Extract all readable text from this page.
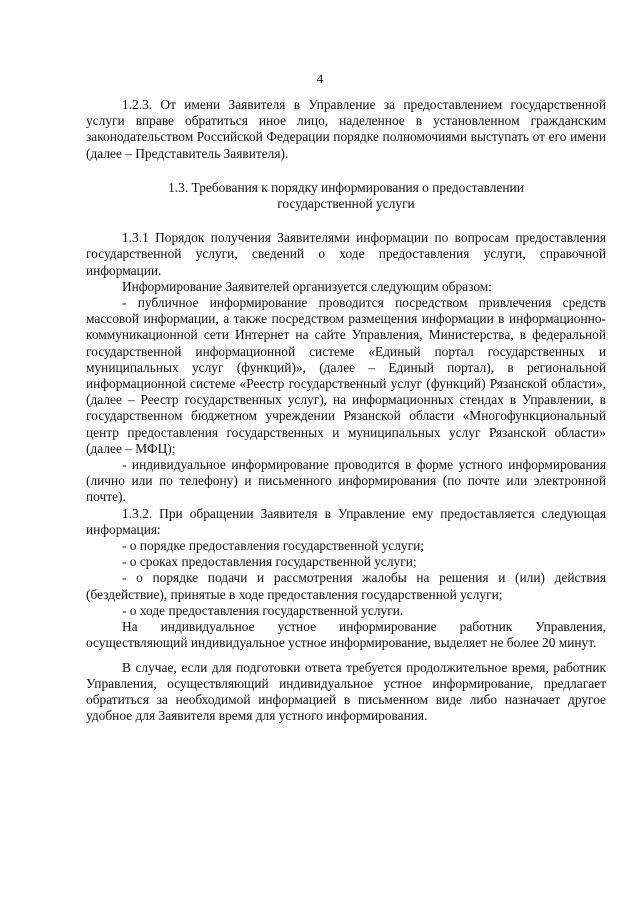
4

1.2.3. От имени Заявителя в Управление за предоставлением государственной услуги вправе обратиться иное лицо, наделенное в установленном гражданским законодательством Российской Федерации порядке полномочиями выступать от его имени (далее – Представитель Заявителя).

1.3. Требования к порядку информирования о предоставлении государственной услуги

1.3.1 Порядок получения Заявителями информации по вопросам предоставления государственной услуги, сведений о ходе предоставления услуги, справочной информации.

Информирование Заявителей организуется следующим образом:

- публичное информирование проводится посредством привлечения средств массовой информации, а также посредством размещения информации в информационно-коммуникационной сети Интернет на сайте Управления, Министерства, в федеральной государственной информационной системе «Единый портал государственных и муниципальных услуг (функций)», (далее – Единый портал), в региональной информационной системе «Реестр государственный услуг (функций) Рязанской области», (далее – Реестр государственных услуг), на информационных стендах в Управлении, в государственном бюджетном учреждении Рязанской области «Многофункциональный центр предоставления государственных и муниципальных услуг Рязанской области» (далее – МФЦ);

- индивидуальное информирование проводится в форме устного информирования (лично или по телефону) и письменного информирования (по почте или электронной почте).

1.3.2. При обращении Заявителя в Управление ему предоставляется следующая информация:

- о порядке предоставления государственной услуги;

- о сроках предоставления государственной услуги;

- о порядке подачи и рассмотрения жалобы на решения и (или) действия (бездействие), принятые в ходе предоставления государственной услуги;

- о ходе предоставления государственной услуги.

На индивидуальное устное информирование работник Управления, осуществляющий индивидуальное устное информирование, выделяет не более 20 минут.

В случае, если для подготовки ответа требуется продолжительное время, работник Управления, осуществляющий индивидуальное устное информирование, предлагает обратиться за необходимой информацией в письменном виде либо назначает другое удобное для Заявителя время для устного информирования.
